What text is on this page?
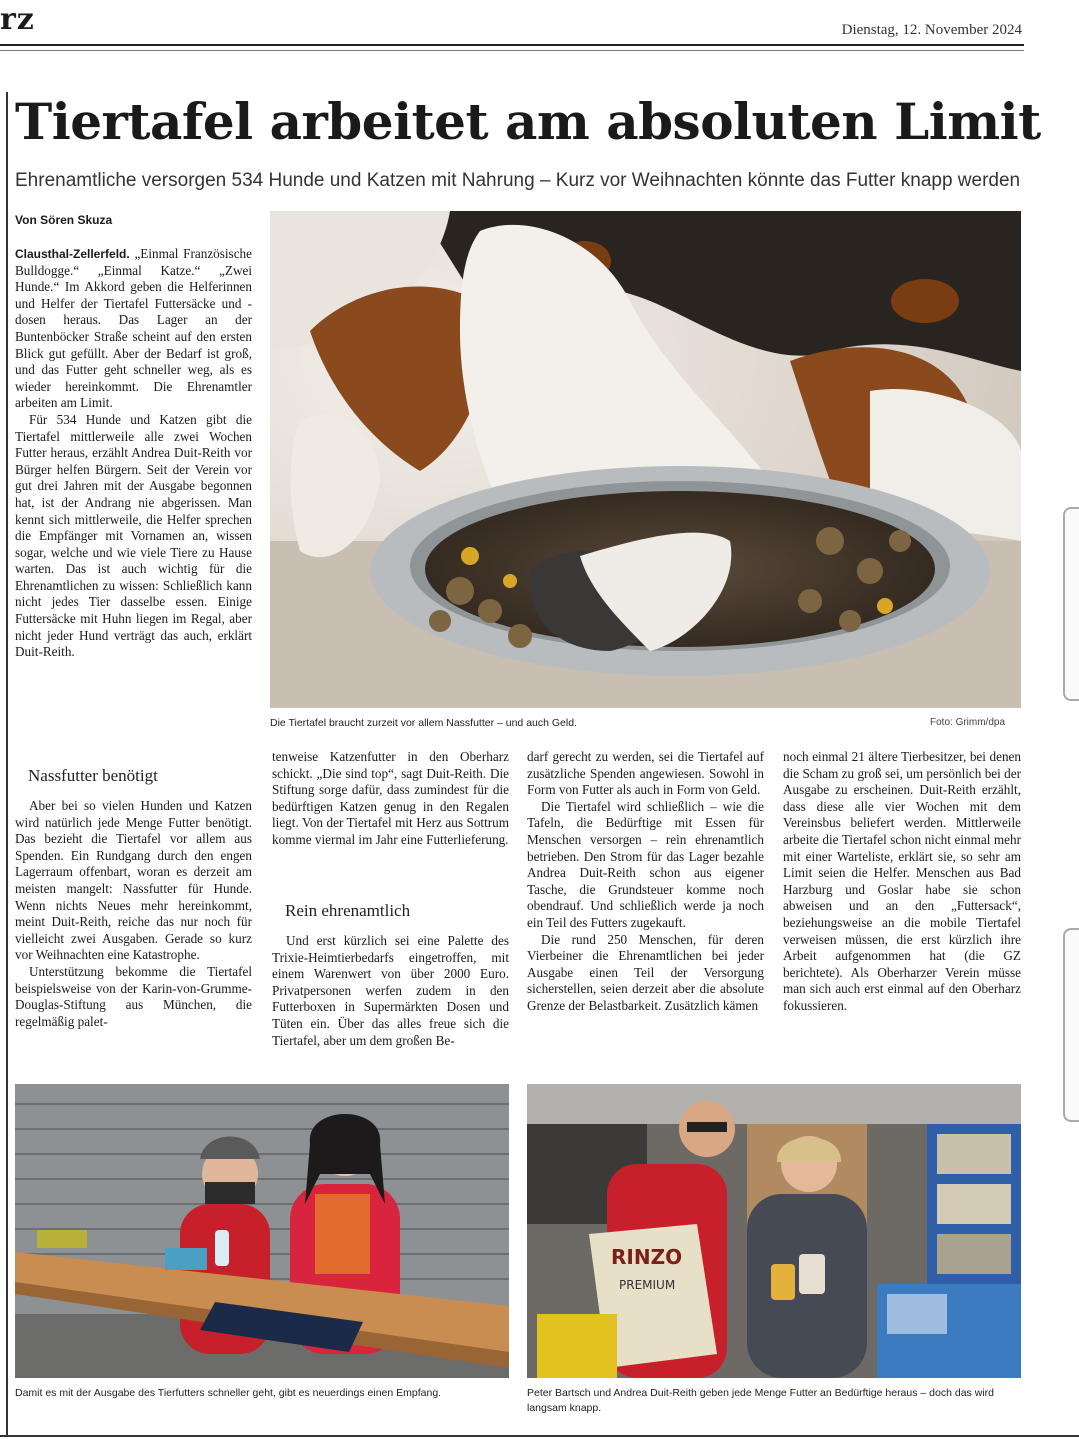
rz	Dienstag, 12. November 2024
Tiertafel arbeitet am absoluten Limit
Ehrenamtliche versorgen 534 Hunde und Katzen mit Nahrung – Kurz vor Weihnachten könnte das Futter knapp werden
Von Sören Skuza

Clausthal-Zellerfeld. „Einmal Französische Bulldogge.“ „Einmal Katze.“ „Zwei Hunde.“ Im Akkord geben die Helferinnen und Helfer der Tiertafel Futtersäcke und -dosen heraus. Das Lager an der Buntenböcker Straße scheint auf den ersten Blick gut gefüllt. Aber der Bedarf ist groß, und das Futter geht schneller weg, als es wieder hereinkommt. Die Ehrenamtler arbeiten am Limit.

Für 534 Hunde und Katzen gibt die Tiertafel mittlerweile alle zwei Wochen Futter heraus, erzählt Andrea Duit-Reith vor Bürger helfen Bürgern. Seit der Verein vor gut drei Jahren mit der Ausgabe begonnen hat, ist der Andrang nie abgerissen. Man kennt sich mittlerweile, die Helfer sprechen die Empfänger mit Vornamen an, wissen sogar, welche und wie viele Tiere zu Hause warten. Das ist auch wichtig für die Ehrenamtlichen zu wissen: Schließlich kann nicht jedes Tier dasselbe essen. Einige Futtersäcke mit Huhn liegen im Regal, aber nicht jeder Hund verträgt das auch, erklärt Duit-Reith.

Die Tiertafel braucht zurzeit vor allem Nassfutter – und auch Geld.	Foto: Grimm/dpa
Nassfutter benötigt

Aber bei so vielen Hunden und Katzen wird natürlich jede Menge Futter benötigt. Das bezieht die Tiertafel vor allem aus Spenden. Ein Rundgang durch den engen Lagerraum offenbart, woran es derzeit am meisten mangelt: Nassfutter für Hunde. Wenn nichts Neues mehr hereinkommt, meint Duit-Reith, reiche das nur noch für vielleicht zwei Ausgaben. Gerade so kurz vor Weihnachten eine Katastrophe.

Unterstützung bekomme die Tiertafel beispielsweise von der Karin-von-Grumme-Douglas-Stiftung aus München, die regelmäßig palet-

tenweise Katzenfutter in den Oberharz schickt. „Die sind top“, sagt Duit-Reith. Die Stiftung sorge dafür, dass zumindest für die bedürftigen Katzen genug in den Regalen liegt. Von der Tiertafel mit Herz aus Sottrum komme viermal im Jahr eine Futterlieferung.

Rein ehrenamtlich

Und erst kürzlich sei eine Palette des Trixie-Heimtierbedarfs eingetroffen, mit einem Warenwert von über 2000 Euro. Privatpersonen werfen zudem in den Futterboxen in Supermärkten Dosen und Tüten ein. Über das alles freue sich die Tiertafel, aber um dem großen Be-

darf gerecht zu werden, sei die Tiertafel auf zusätzliche Spenden angewiesen. Sowohl in Form von Futter als auch in Form von Geld.

Die Tiertafel wird schließlich – wie die Tafeln, die Bedürftige mit Essen für Menschen versorgen – rein ehrenamtlich betrieben. Den Strom für das Lager bezahle Andrea Duit-Reith schon aus eigener Tasche, die Grundsteuer komme noch obendrauf. Und schließlich werde ja noch ein Teil des Futters zugekauft.

Die rund 250 Menschen, für deren Vierbeiner die Ehrenamtlichen bei jeder Ausgabe einen Teil der Versorgung sicherstellen, seien derzeit aber die absolute Grenze der Belastbarkeit. Zusätzlich kämen

noch einmal 21 ältere Tierbesitzer, bei denen die Scham zu groß sei, um persönlich bei der Ausgabe zu erscheinen. Duit-Reith erzählt, dass diese alle vier Wochen mit dem Vereinsbus beliefert werden. Mittlerweile arbeite die Tiertafel schon nicht einmal mehr mit einer Warteliste, erklärt sie, so sehr am Limit seien die Helfer. Menschen aus Bad Harzburg und Goslar habe sie schon abweisen und an den „Futtersack“, beziehungsweise an die mobile Tiertafel verweisen müssen, die erst kürzlich ihre Arbeit aufgenommen hat (die GZ berichtete). Als Oberharzer Verein müsse man sich auch erst einmal auf den Oberharz fokussieren.

Damit es mit der Ausgabe des Tierfutters schneller geht, gibt es neuerdings einen Empfang.
RINZO
PREMIUM
Peter Bartsch und Andrea Duit-Reith geben jede Menge Futter an Bedürftige heraus – doch das wird langsam knapp.
